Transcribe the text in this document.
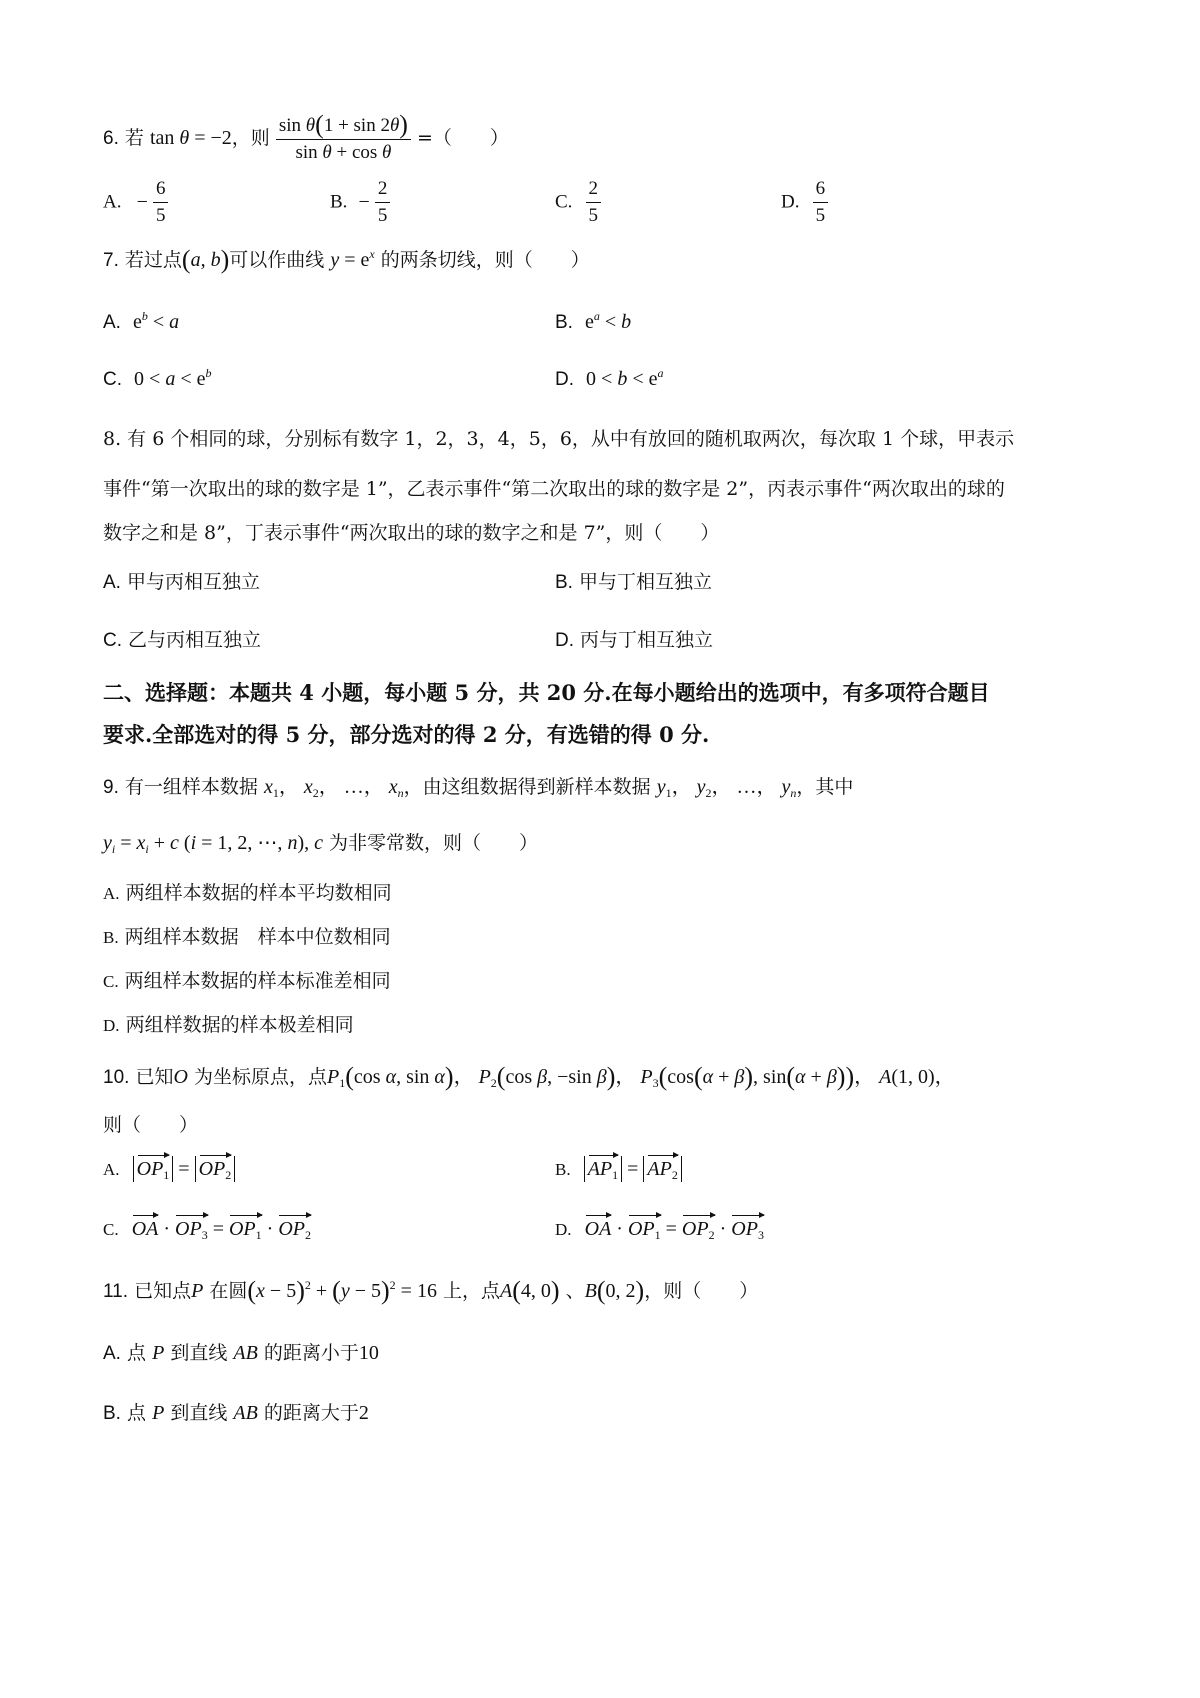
6. 若 tan θ = −2，则 $\frac{\text{sin θ(1 + sin 2θ)}}{\text{sin θ + cos θ}}$ =（　　）
A. − $\frac{6}{5}$	B. − $\frac{2}{5}$	C. $\frac{2}{5}$	D. $\frac{6}{5}$
7. 若过点(a, b)可以作曲线 $y = e^x$ 的两条切线，则（　　）
A. $e^b < a$	B. $e^a < b$
C. $0 < a < e^b$	D. $0 < b < e^a$
8. 有 6 个相同的球，分别标有数字 1，2，3，4，5，6，从中有放回的随机取两次，每次取 1 个球，甲表示
事件“第一次取出的球的数字是 1”，乙表示事件“第二次取出的球的数字是 2”，丙表示事件“两次取出的球的
数字之和是 8”，丁表示事件“两次取出的球的数字之和是 7”，则（　　）
A. 甲与丙相互独立	B. 甲与丁相互独立
C. 乙与丙相互独立	D. 丙与丁相互独立
二、选择题：本题共 4 小题，每小题 5 分，共 20 分.在每小题给出的选项中，有多项符合题目
要求.全部选对的得 5 分，部分选对的得 2 分，有选错的得 0 分.
9. 有一组样本数据 $x_1$， $x_2$， …， $x_n$，由这组数据得到新样本数据 $y_1$， $y_2$， …， $y_n$，其中
$y_i = x_i + c$ (i = 1, 2, ⋯, n), c 为非零常数，则（　　）
A. 两组样本数据的样本平均数相同
B. 两组样本数据　样本中位数相同
C. 两组样本数据的样本标准差相同
D. 两组样数据的样本极差相同
10. 已知O 为坐标原点，点$P_1(\cos$ α, sin α)， $P_2(\cos$ β, −sin β)， $P_3(\cos(\alpha + \beta)$, sin(α + β))， A(1, 0)，
则（　　）
A. $OP_1 = OP_2$	B. $AP_1 = AP_2$
C. OA · $OP_3 = OP_1 \cdot OP_2$	D. OA · $OP_1 = OP_2 \cdot OP_3$
11. 已知点P 在圆$(x - 5)^2 + (y - 5)^2 = 16$ 上，点A(4, 0) 、B(0, 2)，则（　　）
A. 点 P 到直线 AB 的距离小于10
B. 点 P 到直线 AB 的距离大于2
